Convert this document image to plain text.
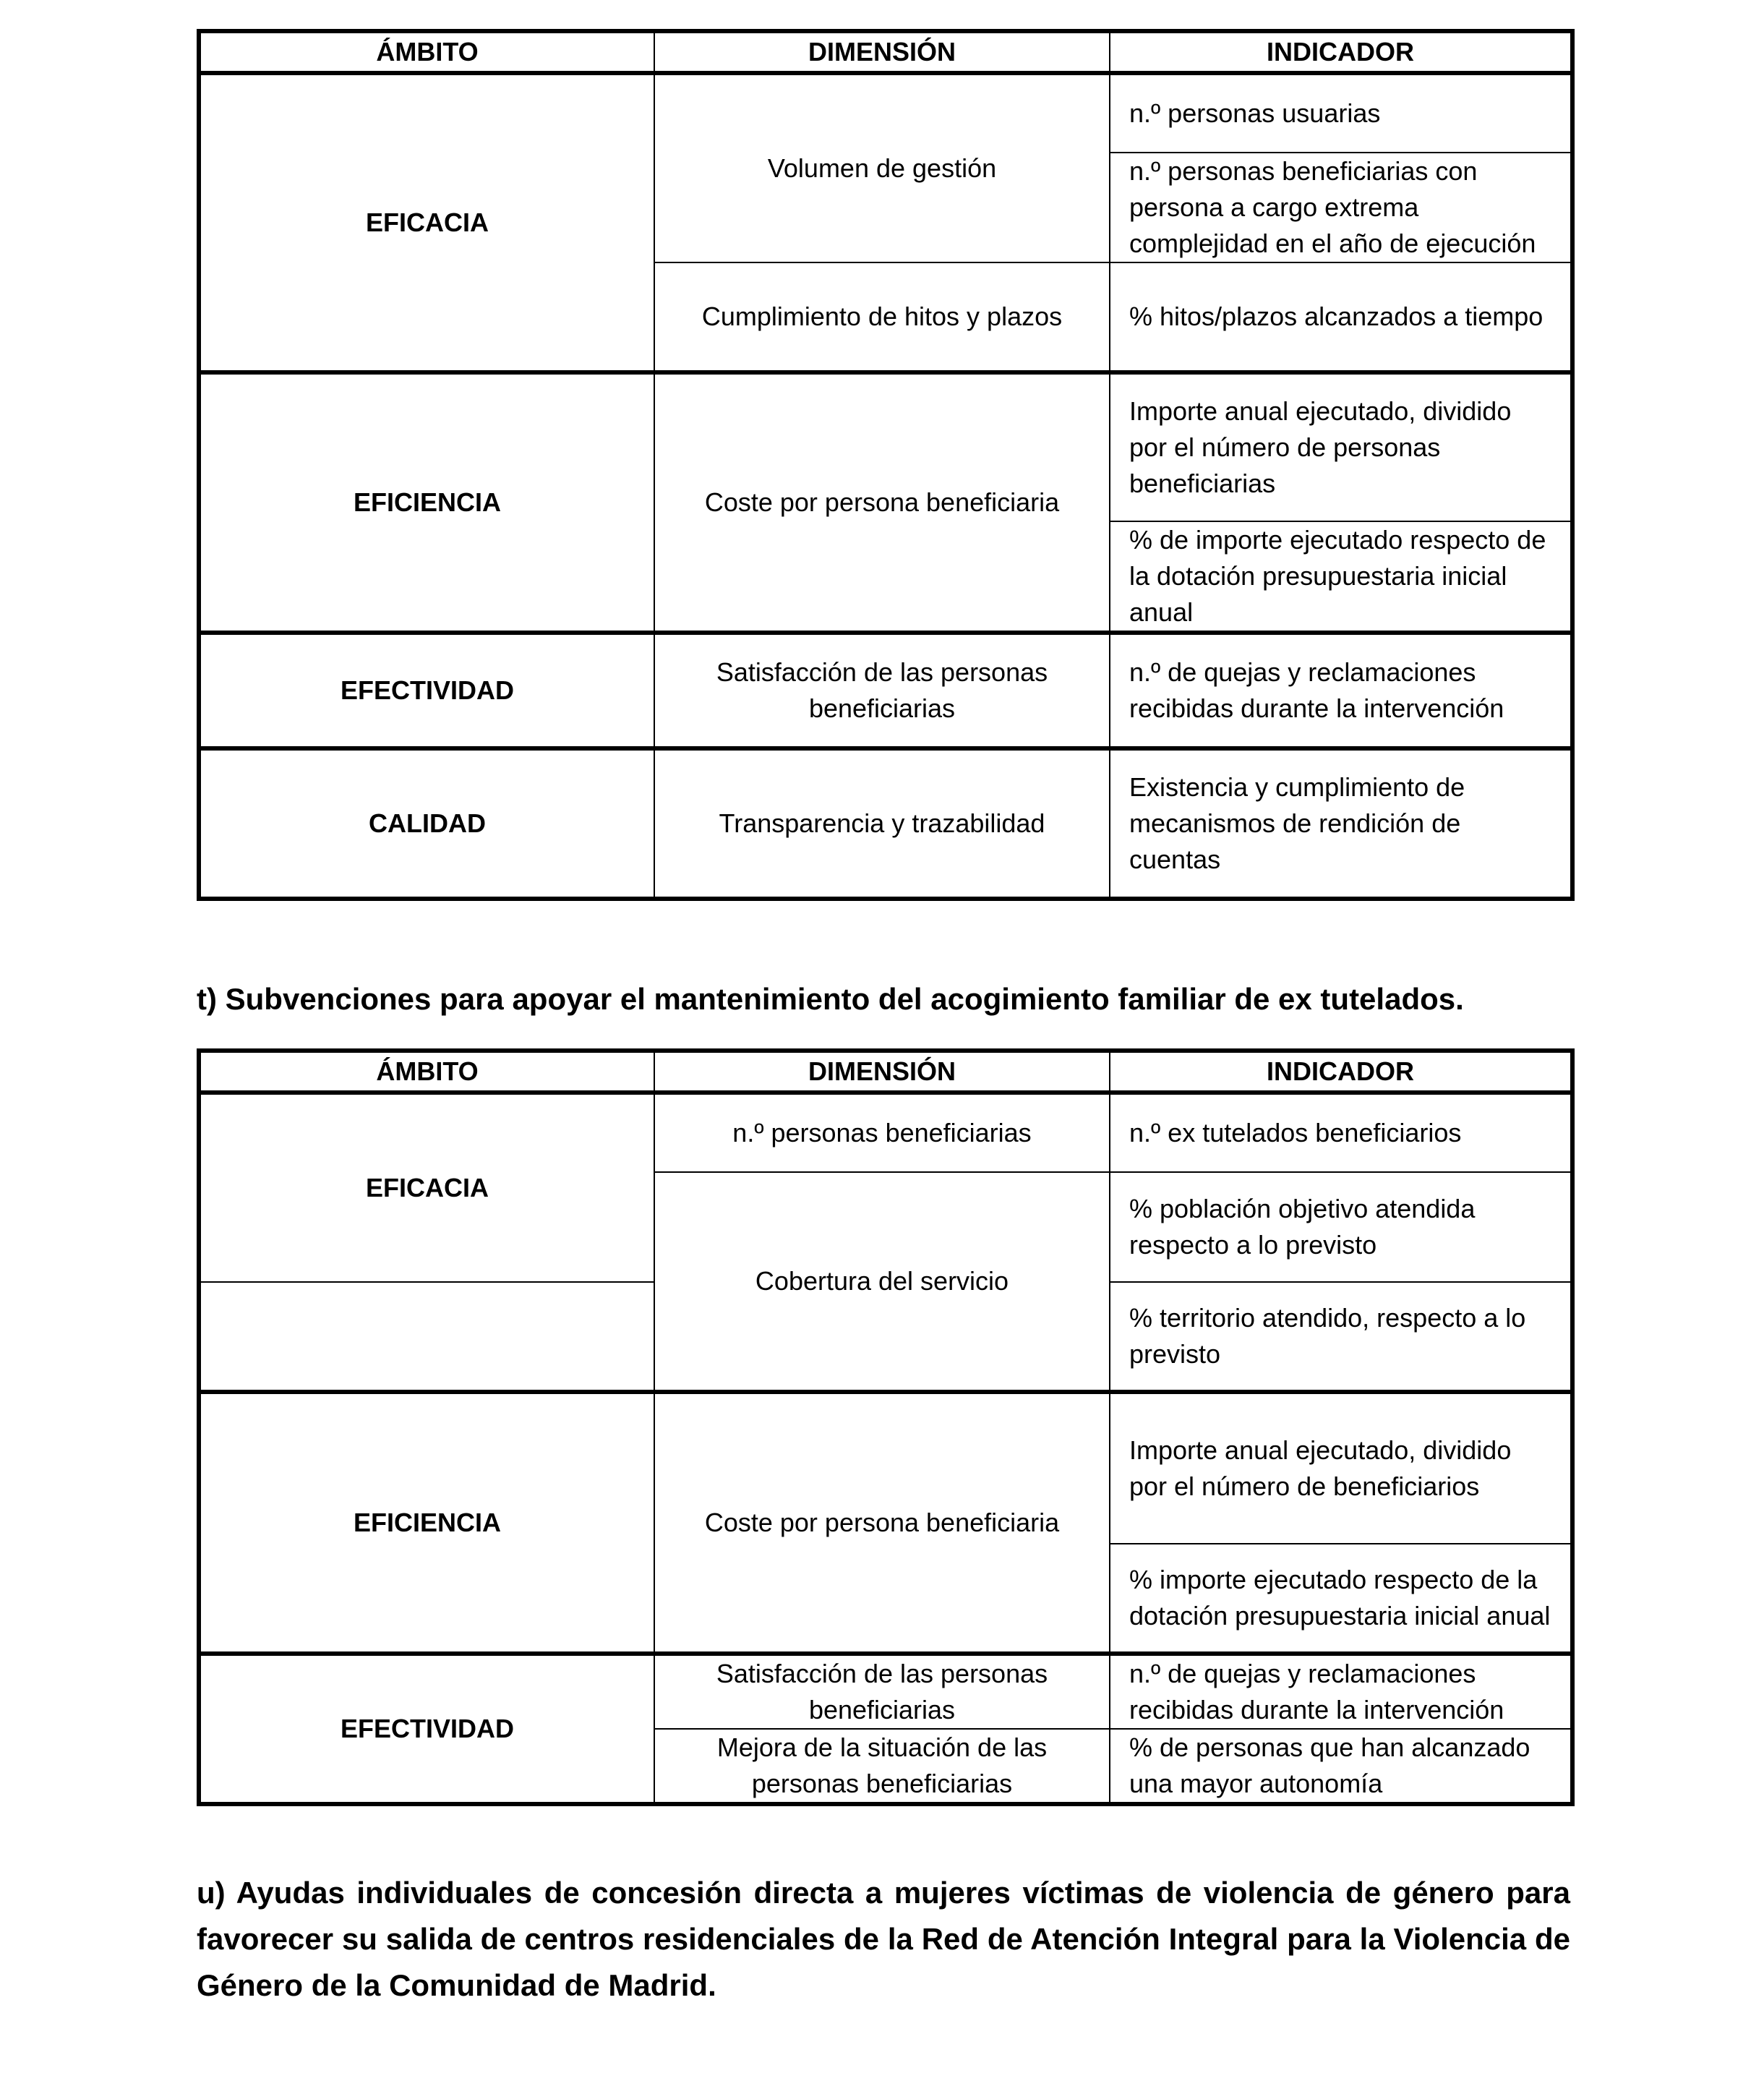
ÁMBITO	DIMENSIÓN	INDICADOR
EFICACIA	Volumen de gestión	n.º personas usuarias
		n.º personas beneficiarias con persona a cargo extrema complejidad en el año de ejecución
	Cumplimiento de hitos y plazos	% hitos/plazos alcanzados a tiempo
EFICIENCIA	Coste por persona beneficiaria	Importe anual ejecutado, dividido por el número de personas beneficiarias
		% de importe ejecutado respecto de la dotación presupuestaria inicial anual
EFECTIVIDAD	Satisfacción de las personas beneficiarias	n.º de quejas y reclamaciones recibidas durante la intervención
CALIDAD	Transparencia y trazabilidad	Existencia y cumplimiento de mecanismos de rendición de cuentas
t) Subvenciones para apoyar el mantenimiento del acogimiento familiar de ex tutelados.
ÁMBITO	DIMENSIÓN	INDICADOR
EFICACIA	n.º personas beneficiarias	n.º ex tutelados beneficiarios
	Cobertura del servicio	% población objetivo atendida respecto a lo previsto
		% territorio atendido, respecto a lo previsto
EFICIENCIA	Coste por persona beneficiaria	Importe anual ejecutado, dividido por el número de beneficiarios
		% importe ejecutado respecto de la dotación presupuestaria inicial anual
EFECTIVIDAD	Satisfacción de las personas beneficiarias	n.º de quejas y reclamaciones recibidas durante la intervención
	Mejora de la situación de las personas beneficiarias	% de personas que han alcanzado una mayor autonomía
u) Ayudas individuales de concesión directa a mujeres víctimas de violencia de género para favorecer su salida de centros residenciales de la Red de Atención Integral para la Violencia de Género de la Comunidad de Madrid.
